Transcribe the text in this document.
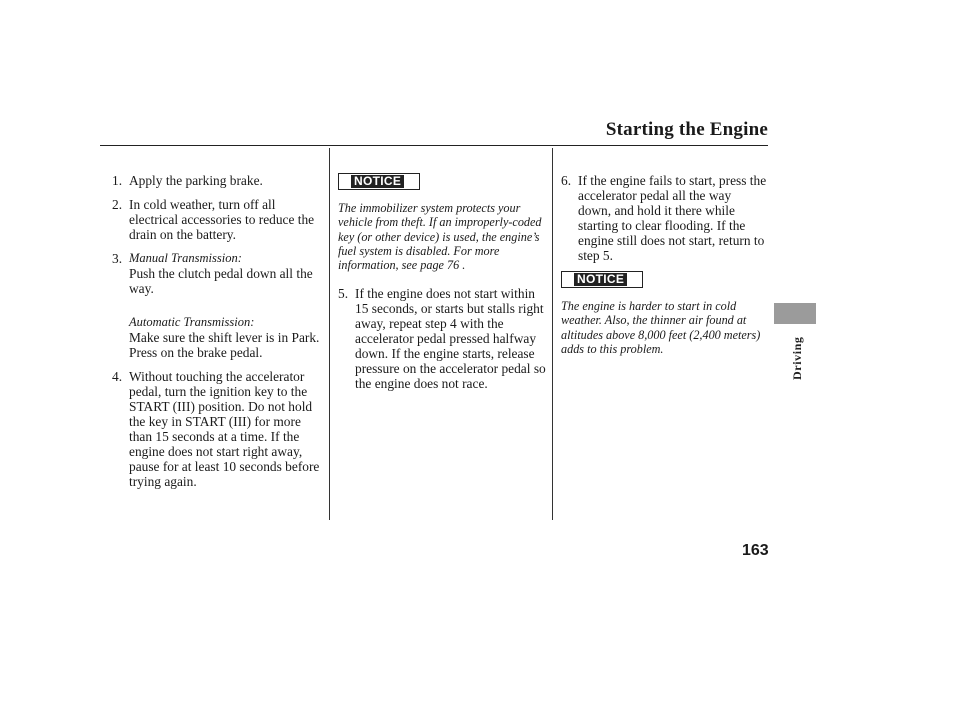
Starting the Engine
Driving
163
1. Apply the parking brake.
2. In cold weather, turn off all electrical accessories to reduce the drain on the battery.
3. Manual Transmission:
Push the clutch pedal down all the way.
Automatic Transmission:
Make sure the shift lever is in Park. Press on the brake pedal.
4. Without touching the accelerator pedal, turn the ignition key to the START (III) position. Do not hold the key in START (III) for more than 15 seconds at a time. If the engine does not start right away, pause for at least 10 seconds before trying again.
NOTICE
The immobilizer system protects your vehicle from theft. If an improperly-coded key (or other device) is used, the engine’s fuel system is disabled. For more information, see page 76 .
5. If the engine does not start within 15 seconds, or starts but stalls right away, repeat step 4 with the accelerator pedal pressed halfway down. If the engine starts, release pressure on the accelerator pedal so the engine does not race.
6. If the engine fails to start, press the accelerator pedal all the way down, and hold it there while starting to clear flooding. If the engine still does not start, return to step 5.
NOTICE
The engine is harder to start in cold weather. Also, the thinner air found at altitudes above 8,000 feet (2,400 meters) adds to this problem.
